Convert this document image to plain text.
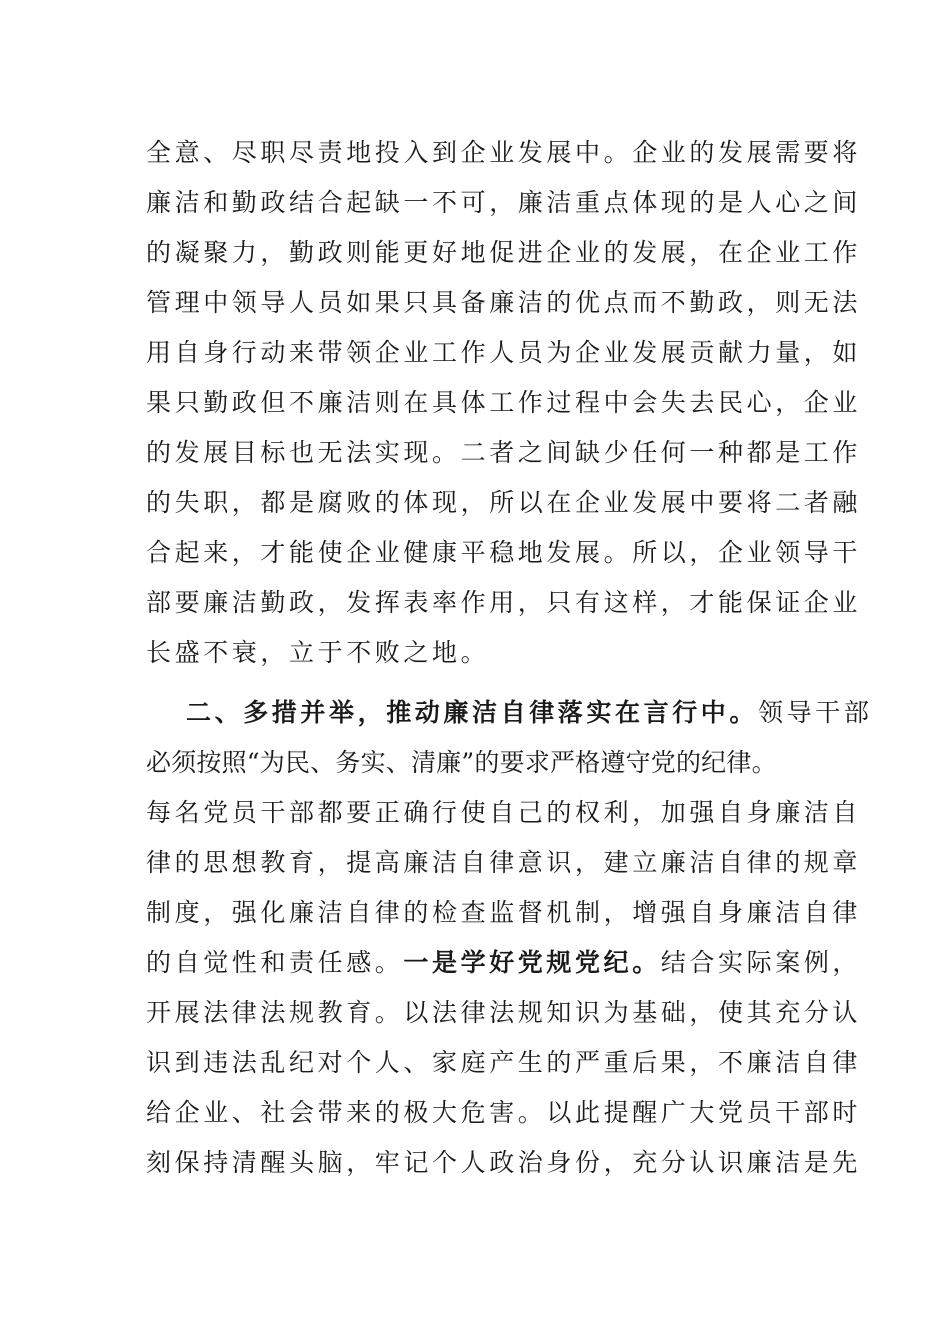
全意、尽职尽责地投入到企业发展中。企业的发展需要将
廉洁和勤政结合起缺一不可，廉洁重点体现的是人心之间
的凝聚力，勤政则能更好地促进企业的发展，在企业工作
管理中领导人员如果只具备廉洁的优点而不勤政，则无法
用自身行动来带领企业工作人员为企业发展贡献力量，如
果只勤政但不廉洁则在具体工作过程中会失去民心，企业
的发展目标也无法实现。二者之间缺少任何一种都是工作
的失职，都是腐败的体现，所以在企业发展中要将二者融
合起来，才能使企业健康平稳地发展。所以，企业领导干
部要廉洁勤政，发挥表率作用，只有这样，才能保证企业
长盛不衰，立于不败之地。
二、多措并举，推动廉洁自律落实在言行中。领导干部
必须按照“为民、务实、清廉”的要求严格遵守党的纪律。
每名党员干部都要正确行使自己的权利，加强自身廉洁自
律的思想教育，提高廉洁自律意识，建立廉洁自律的规章
制度，强化廉洁自律的检查监督机制，增强自身廉洁自律
的自觉性和责任感。一是学好党规党纪。结合实际案例，
开展法律法规教育。以法律法规知识为基础，使其充分认
识到违法乱纪对个人、家庭产生的严重后果，不廉洁自律
给企业、社会带来的极大危害。以此提醒广大党员干部时
刻保持清醒头脑，牢记个人政治身份，充分认识廉洁是先
